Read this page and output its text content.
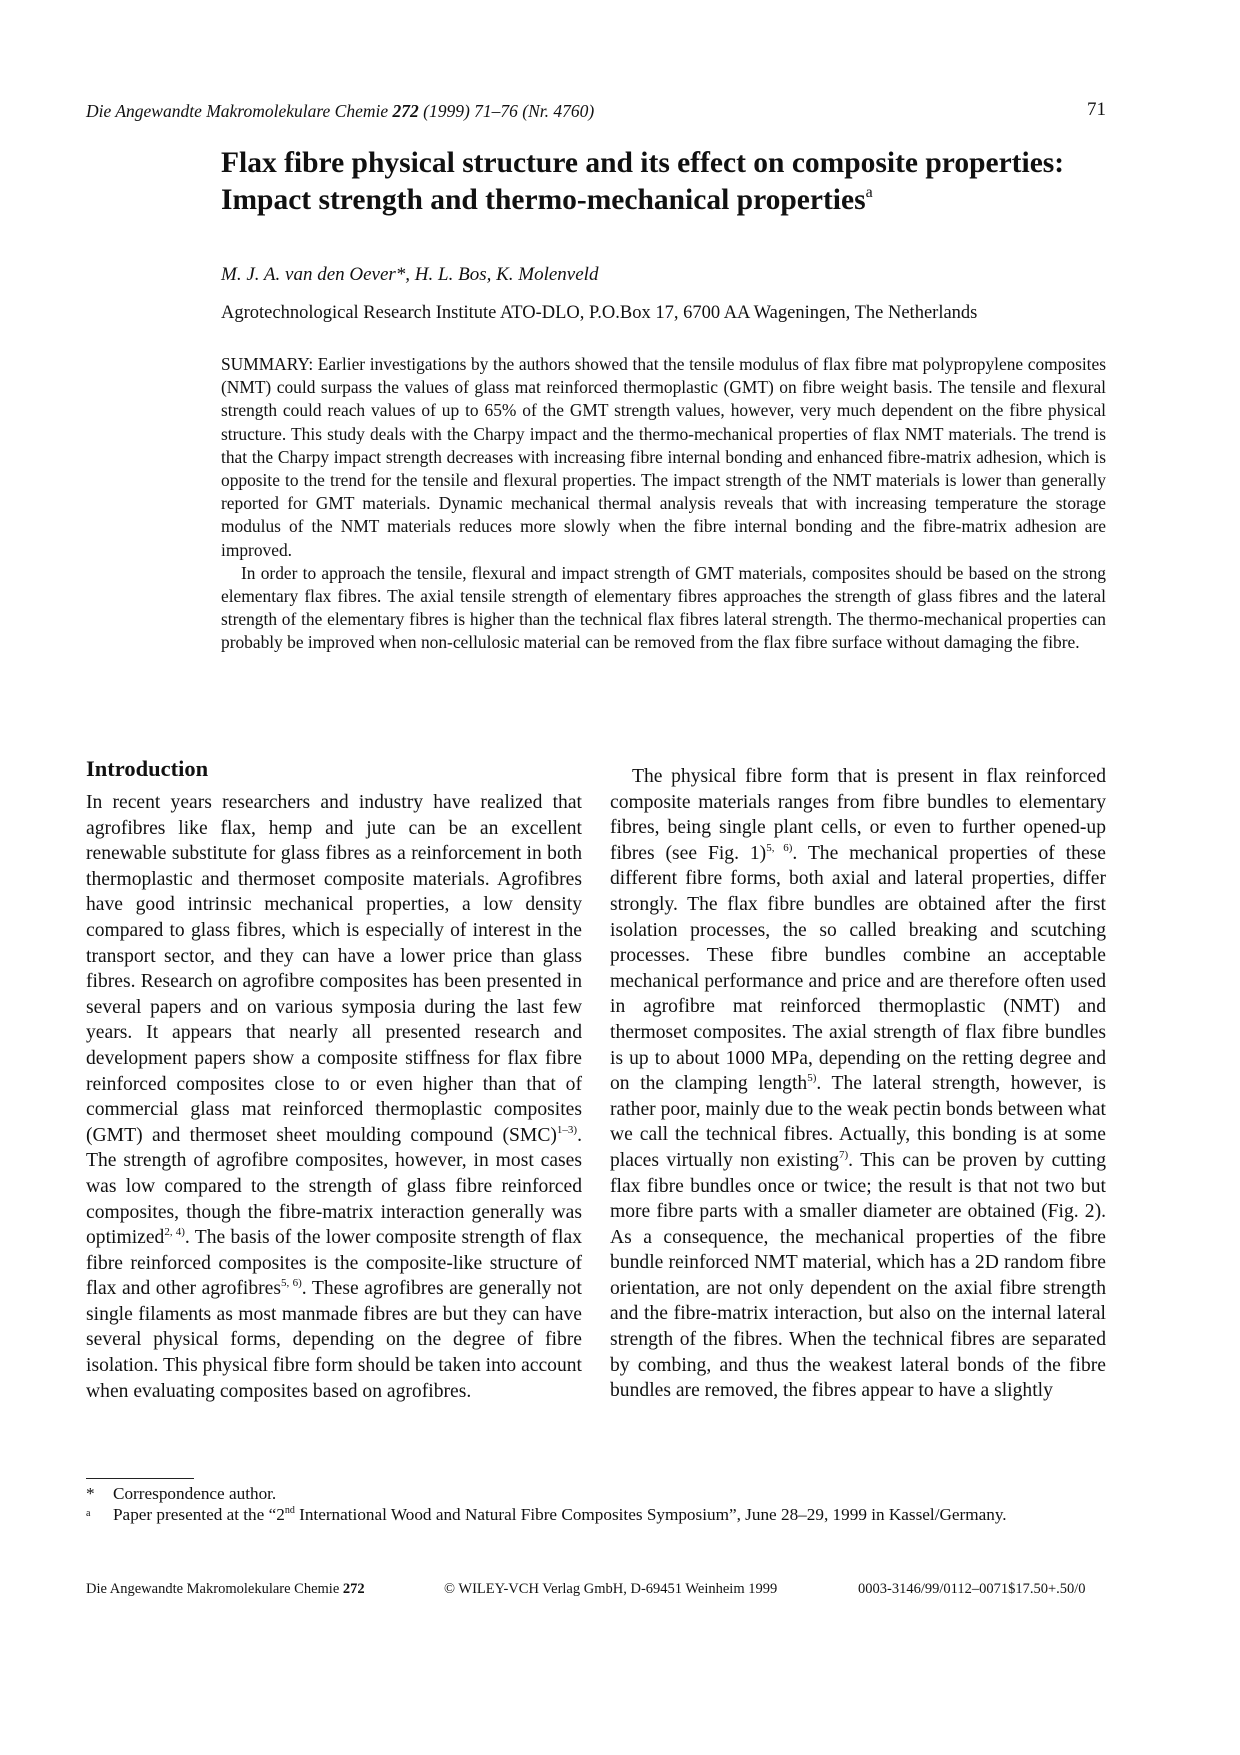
Die Angewandte Makromolekulare Chemie 272 (1999) 71–76 (Nr. 4760)	71
Flax fibre physical structure and its effect on composite properties: Impact strength and thermo-mechanical properties$^a$
M. J. A. van den Oever*, H. L. Bos, K. Molenveld
Agrotechnological Research Institute ATO-DLO, P.O.Box 17, 6700 AA Wageningen, The Netherlands

SUMMARY: Earlier investigations by the authors showed that the tensile modulus of flax fibre mat polypropylene composites (NMT) could surpass the values of glass mat reinforced thermoplastic (GMT) on fibre weight basis. The tensile and flexural strength could reach values of up to 65% of the GMT strength values, however, very much dependent on the fibre physical structure. This study deals with the Charpy impact and the thermo-mechanical properties of flax NMT materials. The trend is that the Charpy impact strength decreases with increasing fibre internal bonding and enhanced fibre-matrix adhesion, which is opposite to the trend for the tensile and flexural properties. The impact strength of the NMT materials is lower than generally reported for GMT materials. Dynamic mechanical thermal analysis reveals that with increasing temperature the storage modulus of the NMT materials reduces more slowly when the fibre internal bonding and the fibre-matrix adhesion are improved.

In order to approach the tensile, flexural and impact strength of GMT materials, composites should be based on the strong elementary flax fibres. The axial tensile strength of elementary fibres approaches the strength of glass fibres and the lateral strength of the elementary fibres is higher than the technical flax fibres lateral strength. The thermo-mechanical properties can probably be improved when non-cellulosic material can be removed from the flax fibre surface without damaging the fibre.

Introduction

In recent years researchers and industry have realized that agrofibres like flax, hemp and jute can be an excellent renewable substitute for glass fibres as a reinforcement in both thermoplastic and thermoset composite materials. Agrofibres have good intrinsic mechanical properties, a low density compared to glass fibres, which is especially of interest in the transport sector, and they can have a lower price than glass fibres. Research on agrofibre composites has been presented in several papers and on various symposia during the last few years. It appears that nearly all presented research and development papers show a composite stiffness for flax fibre reinforced composites close to or even higher than that of commercial glass mat reinforced thermoplastic composites (GMT) and thermoset sheet moulding compound (SMC)$^{1-3)}$. The strength of agrofibre composites, however, in most cases was low compared to the strength of glass fibre reinforced composites, though the fibre-matrix interaction generally was optimized$^{2, 4)}$. The basis of the lower composite strength of flax fibre reinforced composites is the composite-like structure of flax and other agrofibres$^{5, 6)}$. These agrofibres are generally not single filaments as most manmade fibres are but they can have several physical forms, depending on the degree of fibre isolation. This physical fibre form should be taken into account when evaluating composites based on agrofibres.

The physical fibre form that is present in flax reinforced composite materials ranges from fibre bundles to elementary fibres, being single plant cells, or even to further opened-up fibres (see Fig. 1)$^{5, 6)}$. The mechanical properties of these different fibre forms, both axial and lateral properties, differ strongly. The flax fibre bundles are obtained after the first isolation processes, the so called breaking and scutching processes. These fibre bundles combine an acceptable mechanical performance and price and are therefore often used in agrofibre mat reinforced thermoplastic (NMT) and thermoset composites. The axial strength of flax fibre bundles is up to about 1000 MPa, depending on the retting degree and on the clamping length$^{5)}$. The lateral strength, however, is rather poor, mainly due to the weak pectin bonds between what we call the technical fibres. Actually, this bonding is at some places virtually non existing$^{7)}$. This can be proven by cutting flax fibre bundles once or twice; the result is that not two but more fibre parts with a smaller diameter are obtained (Fig. 2). As a consequence, the mechanical properties of the fibre bundle reinforced NMT material, which has a 2D random fibre orientation, are not only dependent on the axial fibre strength and the fibre-matrix interaction, but also on the internal lateral strength of the fibres. When the technical fibres are separated by combing, and thus the weakest lateral bonds of the fibre bundles are removed, the fibres appear to have a slightly

* Correspondence author.
a Paper presented at the “2nd International Wood and Natural Fibre Composites Symposium”, June 28–29, 1999 in Kassel/Germany.
Die Angewandte Makromolekulare Chemie 272	© WILEY-VCH Verlag GmbH, D-69451 Weinheim 1999	0003-3146/99/0112–0071$17.50+.50/0
